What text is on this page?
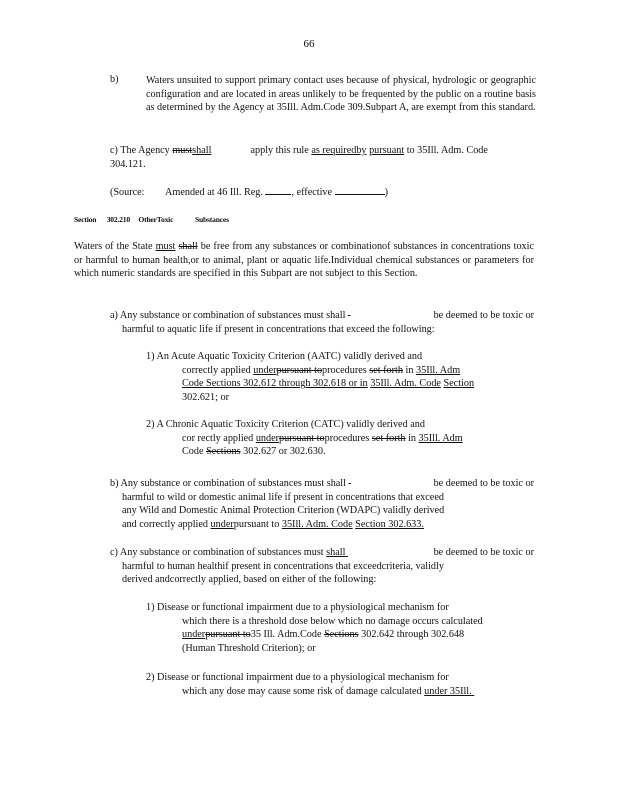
66
b)	Waters unsuited to support primary contact uses because of physical, hydrologic or geographic configuration and are located in areas unlikely to be frequented by the public on a routine basis as determined by the Agency at 35Ill. Adm.Code 309.Subpart A, are exempt from this standard.
c) The Agency mustshall	apply this rule as requiredby pursuant to 35Ill. Adm. Code 304.121.
(Source: Amended at 46 Ill. Reg.	, effective	)
Section 302.210 OtherToxic	Substances
Waters of the State must shall be free from any substances or combinationof substances in concentrations toxic or harmful to human health,or to animal, plant or aquatic life.Individual chemical substances or parameters for which numeric standards are specified in this Subpart are not subject to this Section.
a) Any substance or combination of substances must shall	be deemed to be toxic or
harmful to aquatic life if present in concentrations that exceed the following:
1) An Acute Aquatic Toxicity Criterion (AATC) validly derived and
correctly applied underpursuant toprocedures set forth in 35Ill. Adm
Code Sections 302.612 through 302.618 or in 35Ill. Adm. Code Section
302.621; or
2) A Chronic Aquatic Toxicity Criterion (CATC) validly derived and
cor rectly applied underpursuant toprocedures set forth in 35Ill. Adm
Code Sections 302.627 or 302.630.
b) Any substance or combination of substances must shall	be deemed to be toxic or
harmful to wild or domestic animal life if present in concentrations that exceed
any Wild and Domestic Animal Protection Criterion (WDAPC) validly derived
and correctly applied underpursuant to 35Ill. Adm. Code Section 302.633.
c) Any substance or combination of substances must shall	be deemed to be toxic or
harmful to human healthif present in concentrations that exceedcriteria, validly
derived andcorrectly applied, based on either of the following:
1) Disease or functional impairment due to a physiological mechanism for
which there is a threshold dose below which no damage occurs calculated
underpursuant to35 Ill. Adm.Code Sections 302.642 through 302.648
(Human Threshold Criterion); or
2) Disease or functional impairment due to a physiological mechanism for
which any dose may cause some risk of damage calculated under 35Ill.
